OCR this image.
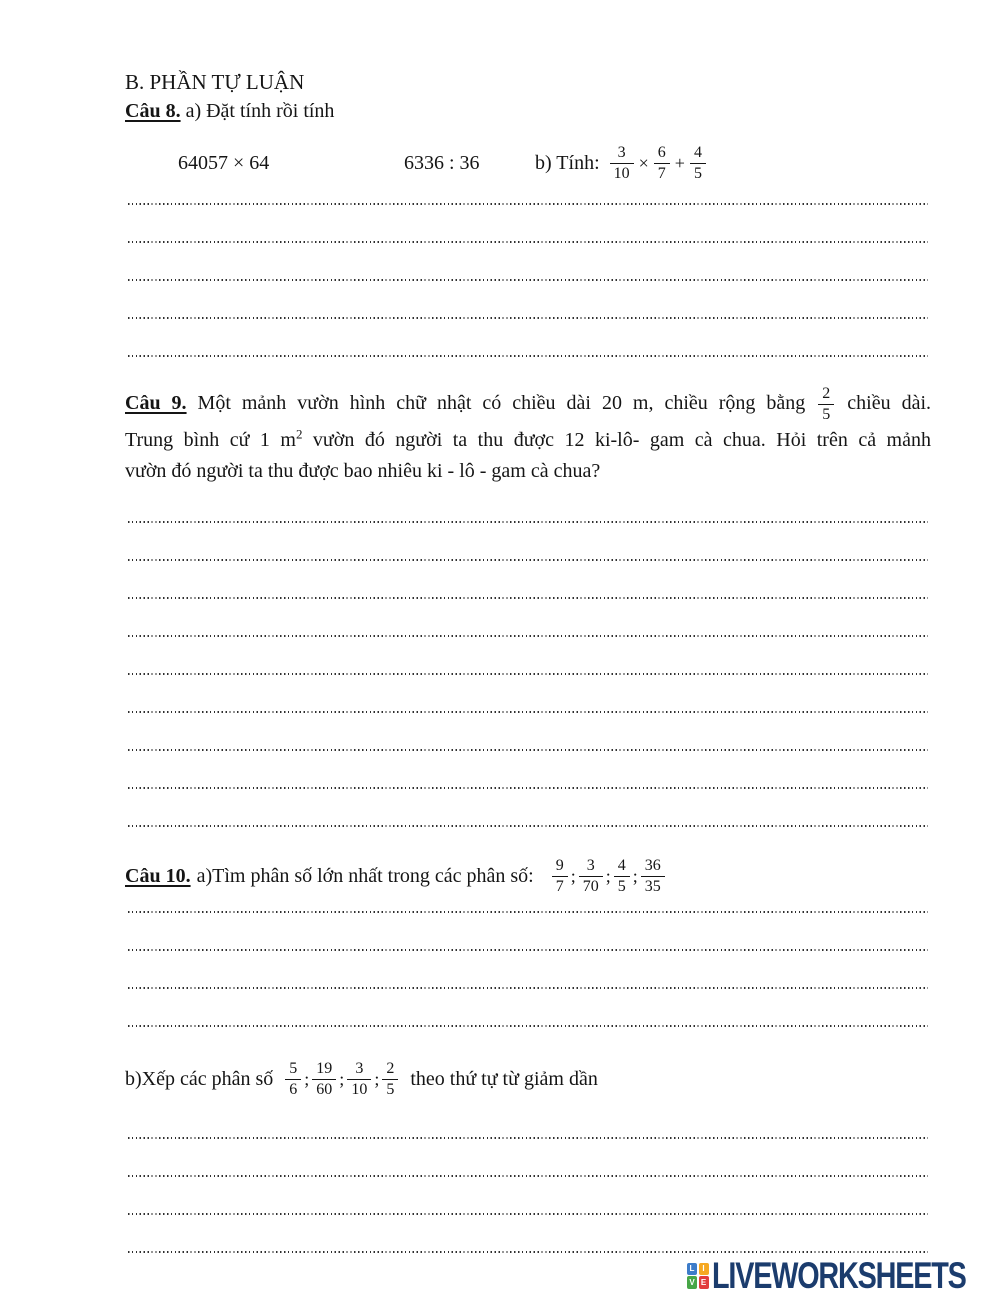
B. PHẦN TỰ LUẬN
Câu 8. a) Đặt tính rồi tính
64057 × 64	6336 : 36	b) Tính: $\frac{3}{10} \times \frac{6}{7} + \frac{4}{5}$
Câu 9. Một mảnh vườn hình chữ nhật có chiều dài 20 m, chiều rộng bằng $\frac{2}{5}$ chiều dài.
Trung bình cứ 1 $m^2$ vườn đó người ta thu được 12 ki-lô- gam cà chua. Hỏi trên cả mảnh
vườn đó người ta thu được bao nhiêu ki - lô - gam cà chua?
Câu 10. a)Tìm phân số lớn nhất trong các phân số: $\frac{9}{7}$ ; $\frac{3}{70}$ ; $\frac{4}{5}$ ; $\frac{36}{35}$
b)Xếp các phân số $\frac{5}{6}$ ; $\frac{19}{60}$ ; $\frac{3}{10}$ ; $\frac{2}{5}$ theo thứ tự từ giảm dần
L I
V E LIVEWORKSHEETS
